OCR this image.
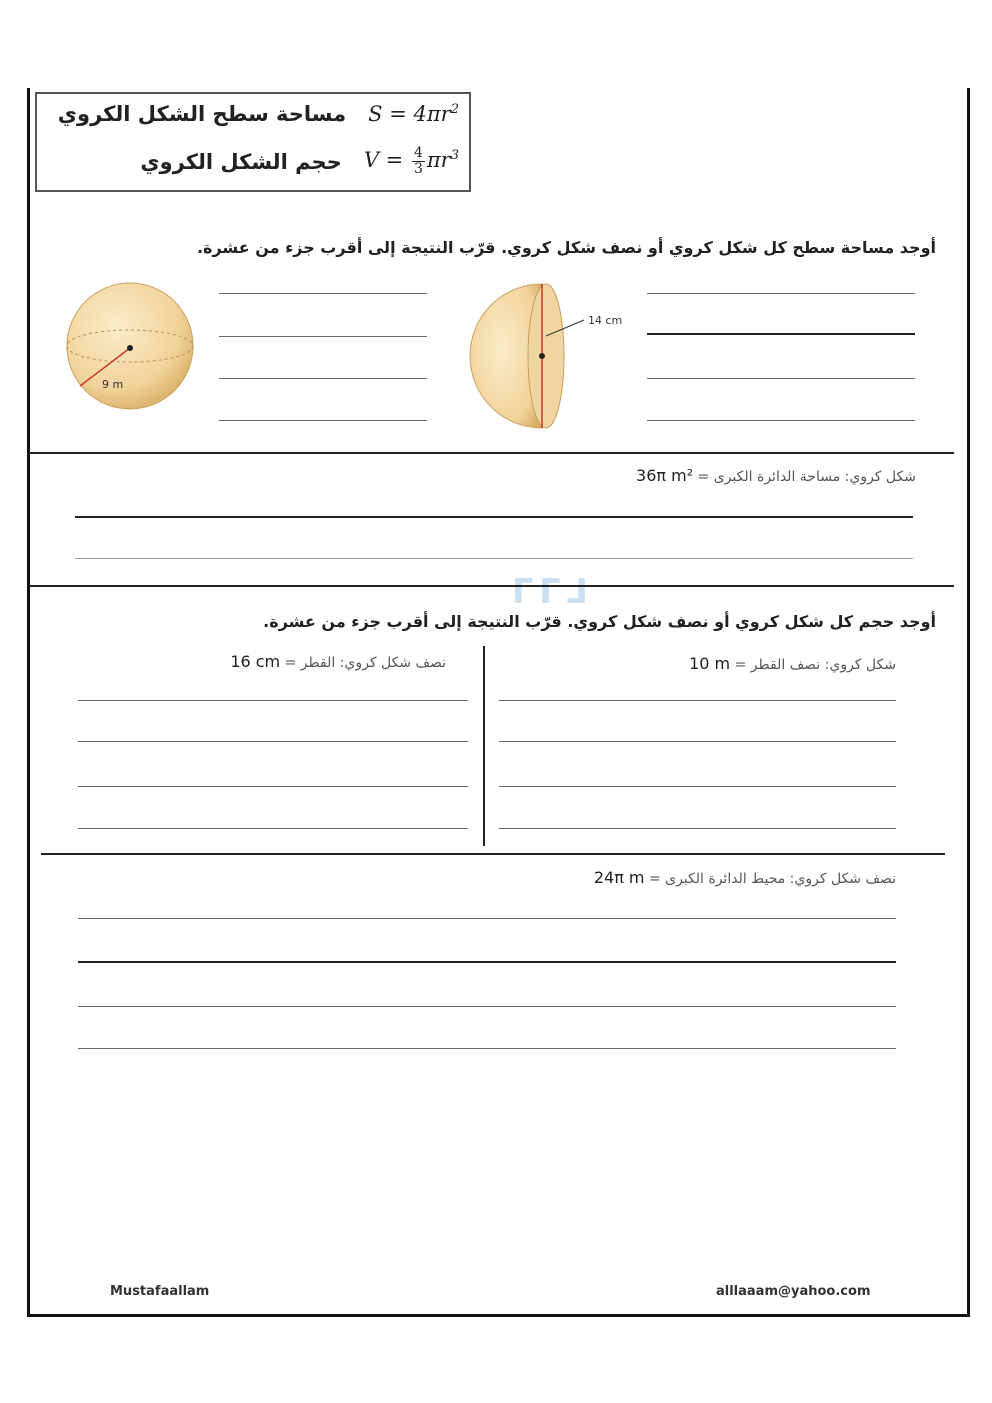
ᒥᒥᒧ
مساحة سطح الشكل الكروي $S = 4\pi r^2$
حجم الشكل الكروي $V = \frac{4}{3} \pi r^3$
أوجد مساحة سطح كل شكل كروي أو نصف شكل كروي. قرّب النتيجة إلى أقرب جزء من عشرة.
9 m
14 cm
شكل كروي: مساحة الدائرة الكبرى = 36π m²
أوجد حجم كل شكل كروي أو نصف شكل كروي. قرّب النتيجة إلى أقرب جزء من عشرة.
شكل كروي: نصف القطر = 10 m
نصف شكل كروي: القطر = 16 cm
نصف شكل كروي: محيط الدائرة الكبرى = 24π m
Mustafaallam	alllaaam@yahoo.com
